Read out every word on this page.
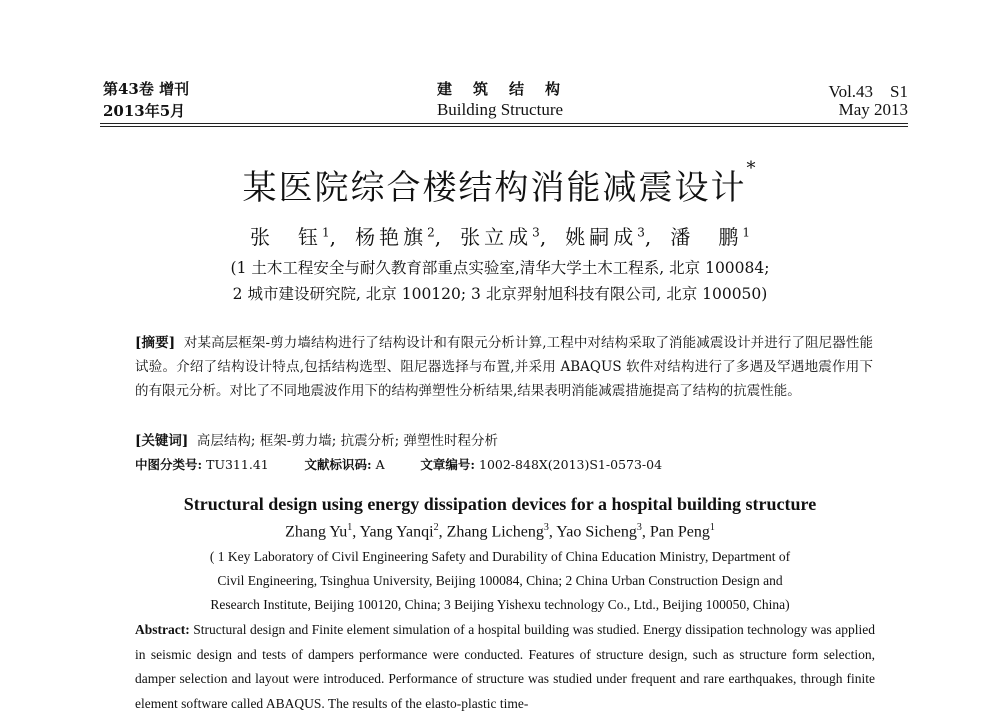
第43卷 增刊
2013年5月
建　筑　结　构
Building Structure
Vol.43　S1
May 2013
某医院综合楼结构消能减震设计*
张　钰$^1$,   杨艳旗$^2$,   张立成$^3$,   姚嗣成$^3$,   潘　鹏$^1$
(1 土木工程安全与耐久教育部重点实验室,清华大学土木工程系, 北京 100084;
2 城市建设研究院, 北京 100120; 3 北京羿射旭科技有限公司, 北京 100050)
[摘要] 对某高层框架-剪力墙结构进行了结构设计和有限元分析计算,工程中对结构采取了消能减震设计并进行了阻尼器性能试验。介绍了结构设计特点,包括结构选型、阻尼器选择与布置,并采用 ABAQUS 软件对结构进行了多遇及罕遇地震作用下的有限元分析。对比了不同地震波作用下的结构弹塑性分析结果,结果表明消能减震措施提高了结构的抗震性能。
[关键词] 高层结构; 框架-剪力墙; 抗震分析; 弹塑性时程分析
中图分类号: TU311.41	文献标识码: A	文章编号: 1002-848X(2013)S1-0573-04
Structural design using energy dissipation devices for a hospital building structure
Zhang Yu$^1$, Yang Yanqi$^2$, Zhang Licheng$^3$, Yao Sicheng$^3$, Pan Peng$^1$
( 1 Key Laboratory of Civil Engineering Safety and Durability of China Education Ministry, Department of
Civil Engineering, Tsinghua University, Beijing 100084, China; 2 China Urban Construction Design and
Research Institute, Beijing 100120, China; 3 Beijing Yishexu technology Co., Ltd., Beijing 100050, China)
Abstract: Structural design and Finite element simulation of a hospital building was studied. Energy dissipation technology was applied in seismic design and tests of dampers performance were conducted. Features of structure design, such as structure form selection, damper selection and layout were introduced. Performance of structure was studied under frequent and rare earthquakes, through finite element software called ABAQUS. The results of the elasto-plastic time-
